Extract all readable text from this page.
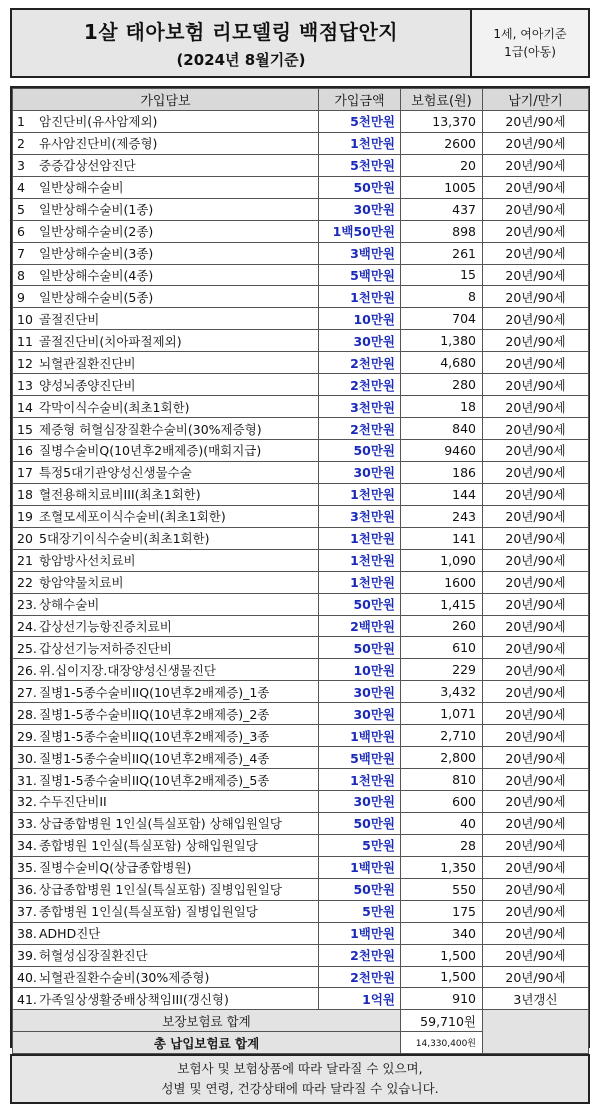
1살 태아보험 리모델링 백점답안지
(2024년 8월기준)
1세, 여아기준
1급(아동)
가입담보	가입금액	보험료(원)	납기/만기
1 암진단비(유사암제외)	5천만원	13,370	20년/90세
2 유사암진단비(제증형)	1천만원	2600	20년/90세
3 중증갑상선암진단	5천만원	20	20년/90세
4 일반상해수술비	50만원	1005	20년/90세
5 일반상해수술비(1종)	30만원	437	20년/90세
6 일반상해수술비(2종)	1백50만원	898	20년/90세
7 일반상해수술비(3종)	3백만원	261	20년/90세
8 일반상해수술비(4종)	5백만원	15	20년/90세
9 일반상해수술비(5종)	1천만원	8	20년/90세
10 골절진단비	10만원	704	20년/90세
11 골절진단비(치아파절제외)	30만원	1,380	20년/90세
12 뇌혈관질환진단비	2천만원	4,680	20년/90세
13 양성뇌종양진단비	2천만원	280	20년/90세
14 각막이식수술비(최초1회한)	3천만원	18	20년/90세
15 제증형 허혈심장질환수술비(30%제증형)	2천만원	840	20년/90세
16 질병수술비Q(10년후2배제증)(매회지급)	50만원	9460	20년/90세
17 특정5대기관양성신생물수술	30만원	186	20년/90세
18 혈전용해치료비III(최초1회한)	1천만원	144	20년/90세
19 조혈모세포이식수술비(최초1회한)	3천만원	243	20년/90세
20 5대장기이식수술비(최초1회한)	1천만원	141	20년/90세
21 항암방사선치료비	1천만원	1,090	20년/90세
22 항암약물치료비	1천만원	1600	20년/90세
23. 상해수술비	50만원	1,415	20년/90세
24. 갑상선기능항진증치료비	2백만원	260	20년/90세
25. 갑상선기능저하증진단비	50만원	610	20년/90세
26. 위.십이지장.대장양성신생물진단	10만원	229	20년/90세
27. 질병1-5종수술비IIQ(10년후2배제증)_1종	30만원	3,432	20년/90세
28. 질병1-5종수술비IIQ(10년후2배제증)_2종	30만원	1,071	20년/90세
29. 질병1-5종수술비IIQ(10년후2배제증)_3종	1백만원	2,710	20년/90세
30. 질병1-5종수술비IIQ(10년후2배제증)_4종	5백만원	2,800	20년/90세
31. 질병1-5종수술비IIQ(10년후2배제증)_5종	1천만원	810	20년/90세
32. 수두진단비II	30만원	600	20년/90세
33. 상급종합병원 1인실(특실포함) 상해입원일당	50만원	40	20년/90세
34. 종합병원 1인실(특실포함) 상해입원일당	5만원	28	20년/90세
35. 질병수술비Q(상급종합병원)	1백만원	1,350	20년/90세
36. 상급종합병원 1인실(특실포함) 질병입원일당	50만원	550	20년/90세
37. 종합병원 1인실(특실포함) 질병입원일당	5만원	175	20년/90세
38. ADHD진단	1백만원	340	20년/90세
39. 허혈성심장질환진단	2천만원	1,500	20년/90세
40. 뇌혈관질환수술비(30%제증형)	2천만원	1,500	20년/90세
41. 가족일상생활중배상책임III(갱신형)	1억원	910	3년갱신
보장보험료 합계		59,710원	
총 납입보험료 합계		14,330,400원	
보험사 및 보험상품에 따라 달라질 수 있으며,
성별 및 연령, 건강상태에 따라 달라질 수 있습니다.
